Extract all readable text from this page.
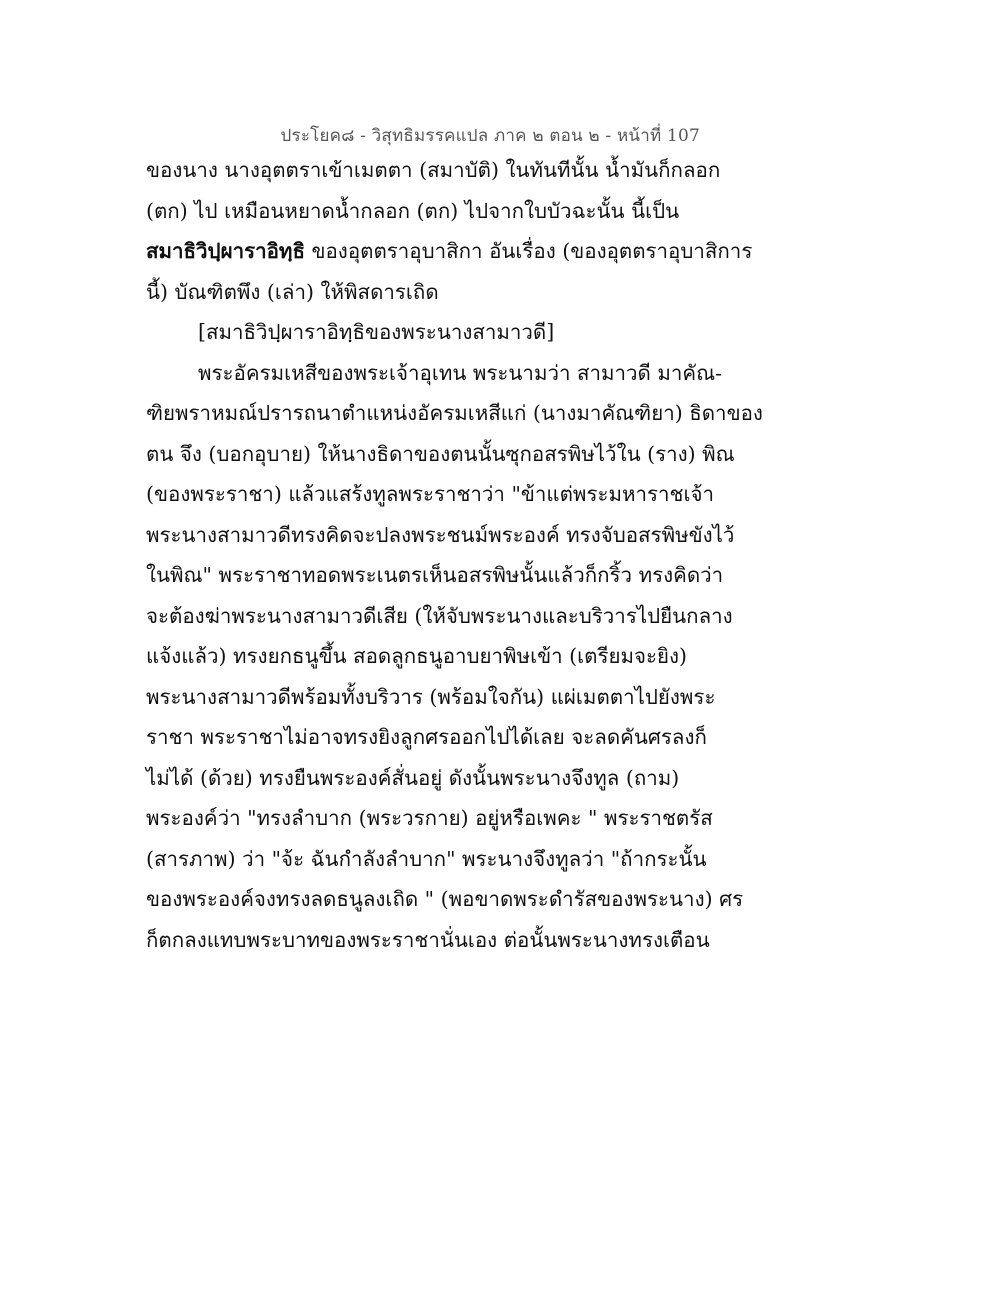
ประโยค๘ - วิสุทธิมรรคแปล ภาค ๒ ตอน ๒ - หน้าที่ 107
ของนาง นางอุตตราเข้าเมตตา (สมาบัติ) ในทันทีนั้น น้ำมันก็กลอก
(ตก) ไป เหมือนหยาดน้ำกลอก (ตก) ไปจากใบบัวฉะนั้น นี้เป็น
สมาธิวิปฺผาราอิทฺธิ ของอุตตราอุบาสิกา อันเรื่อง (ของอุตตราอุบาสิการ
นี้) บัณฑิตพึง (เล่า) ให้พิสดารเถิด
[สมาธิวิปฺผาราอิทฺธิของพระนางสามาวดี]
พระอัครมเหสีของพระเจ้าอุเทน พระนามว่า สามาวดี มาคัณ-
ฑิยพราหมณ์ปรารถนาตำแหน่งอัครมเหสีแก่ (นางมาคัณฑิยา) ธิดาของ
ตน จึง (บอกอุบาย) ให้นางธิดาของตนนั้นซุกอสรพิษไว้ใน (ราง) พิณ
(ของพระราชา) แล้วแสร้งทูลพระราชาว่า "ข้าแต่พระมหาราชเจ้า
พระนางสามาวดีทรงคิดจะปลงพระชนม์พระองค์ ทรงจับอสรพิษขังไว้
ในพิณ" พระราชาทอดพระเนตรเห็นอสรพิษนั้นแล้วก็กริ้ว ทรงคิดว่า
จะต้องฆ่าพระนางสามาวดีเสีย (ให้จับพระนางและบริวารไปยืนกลาง
แจ้งแล้ว) ทรงยกธนูขึ้น สอดลูกธนูอาบยาพิษเข้า (เตรียมจะยิง)
พระนางสามาวดีพร้อมทั้งบริวาร (พร้อมใจกัน) แผ่เมตตาไปยังพระ
ราชา พระราชาไม่อาจทรงยิงลูกศรออกไปได้เลย จะลดคันศรลงก็
ไม่ได้ (ด้วย) ทรงยืนพระองค์สั่นอยู่ ดังนั้นพระนางจึงทูล (ถาม)
พระองค์ว่า "ทรงลำบาก (พระวรกาย) อยู่หรือเพคะ " พระราชตรัส
(สารภาพ) ว่า "จ้ะ ฉันกำลังลำบาก" พระนางจึงทูลว่า "ถ้ากระนั้น
ของพระองค์จงทรงลดธนูลงเถิด " (พอขาดพระดำรัสของพระนาง) ศร
ก็ตกลงแทบพระบาทของพระราชานั่นเอง ต่อนั้นพระนางทรงเตือน
